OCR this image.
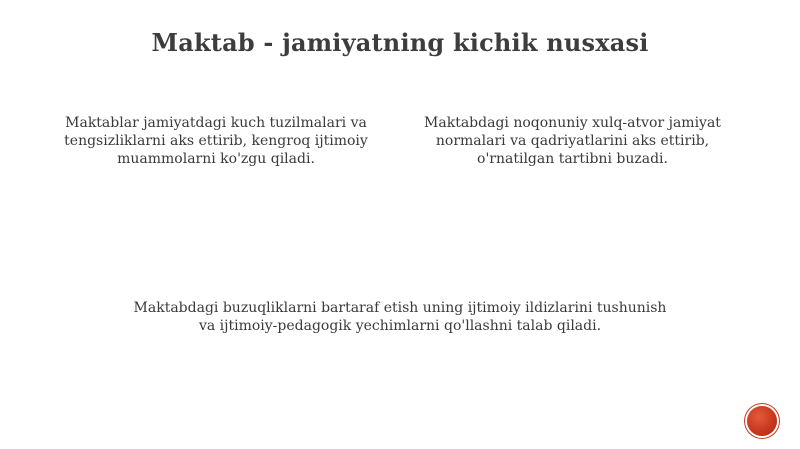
Maktab - jamiyatning kichik nusxasi
Maktablar jamiyatdagi kuch tuzilmalari va tengsizliklarni aks ettirib, kengroq ijtimoiy muammolarni ko'zgu qiladi.
Maktabdagi noqonuniy xulq-atvor jamiyat normalari va qadriyatlarini aks ettirib, o'rnatilgan tartibni buzadi.
Maktabdagi buzuqliklarni bartaraf etish uning ijtimoiy ildizlarini tushunish va ijtimoiy-pedagogik yechimlarni qo'llashni talab qiladi.
